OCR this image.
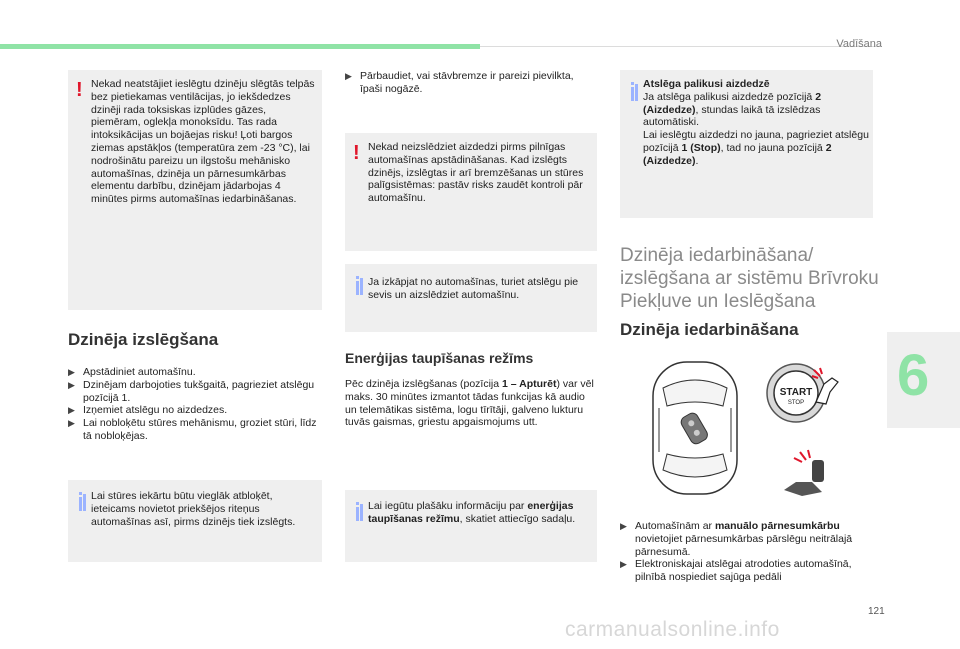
Vadīšana
! Nekad neatstājiet ieslēgtu dzinēju slēgtās telpās bez pietiekamas ventilācijas, jo iekšdedzes dzinēji rada toksiskas izplūdes gāzes, piemēram, oglekļa monoksīdu. Tas rada intoksikācijas un bojāejas risku! Ļoti bargos ziemas apstākļos (temperatūra zem -23 °C), lai nodrošinātu pareizu un ilgstošu mehānisko automašīnas, dzinēja un pārnesumkārbas elementu darbību, dzinējam jādarbojas 4 minūtes pirms automašīnas iedarbināšanas.

Dzinēja izslēgšana
▶ Apstādiniet automašīnu.
▶ Dzinējam darbojoties tukšgaitā, pagrieziet atslēgu pozīcijā 1.
▶ Izņemiet atslēgu no aizdedzes.
▶ Lai nobloķētu stūres mehānismu, groziet stūri, līdz tā nobloķējas.

Lai stūres iekārtu būtu vieglāk atbloķēt, ieteicams novietot priekšējos riteņus automašīnas asī, pirms dzinējs tiek izslēgts.

▶ Pārbaudiet, vai stāvbremze ir pareizi pievilkta, īpaši nogāzē.
! Nekad neizslēdziet aizdedzi pirms pilnīgas automašīnas apstādināšanas. Kad izslēgts dzinējs, izslēgtas ir arī bremzēšanas un stūres palīgsistēmas: pastāv risks zaudēt kontroli pār automašīnu.

Ja izkāpjat no automašīnas, turiet atslēgu pie sevis un aizslēdziet automašīnu.

Enerģijas taupīšanas režīms

Pēc dzinēja izslēgšanas (pozīcija 1 – Apturēt) var vēl maks. 30 minūtes izmantot tādas funkcijas kā audio un telemātikas sistēma, logu tīrītāji, galveno lukturu tuvās gaismas, griestu apgaismojums utt.

Lai iegūtu plašāku informāciju par enerģijas taupīšanas režīmu, skatiet attiecīgo sadaļu.

Atslēga palikusi aizdedzē

Ja atslēga palikusi aizdedzē pozīcijā 2 (Aizdedze), stundas laikā tā izslēdzas automātiski.

Lai ieslēgtu aizdedzi no jauna, pagrieziet atslēgu pozīcijā 1 (Stop), tad no jauna pozīcijā 2 (Aizdedze).

Dzinēja iedarbināšana/ izslēgšana ar sistēmu Brīvroku Piekļuve un Ieslēgšana
Dzinēja iedarbināšana
START
STOP
▶ Automašīnām ar manuālo pārnesumkārbu novietojiet pārnesumkārbas pārslēgu neitrālajā pārnesumā.
▶ Elektroniskajai atslēgai atrodoties automašīnā, pilnībā nospiediet sajūga pedāli
6
121
carmanualsonline.info
